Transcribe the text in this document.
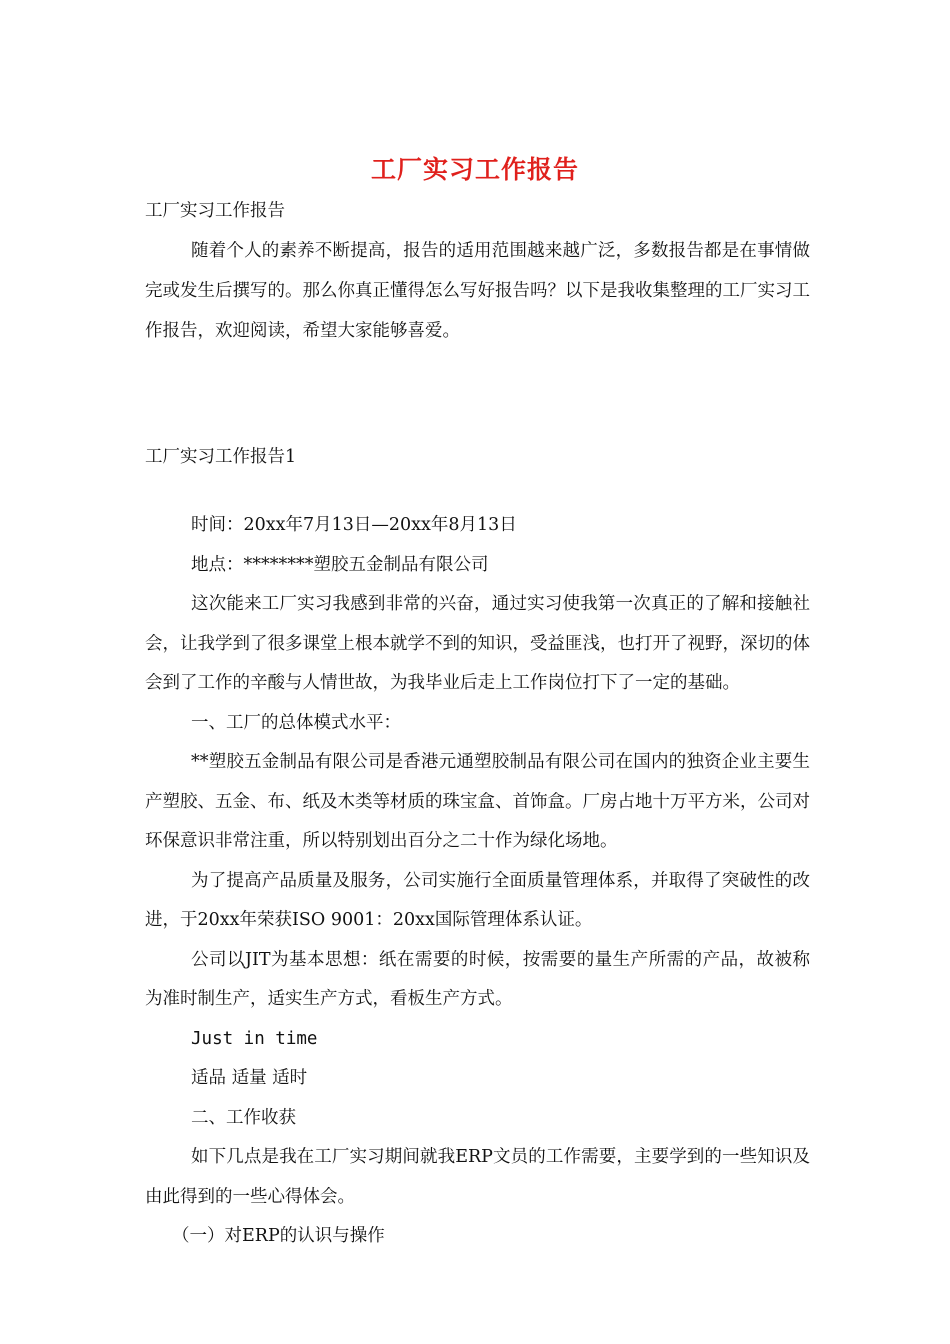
工厂实习工作报告

工厂实习工作报告

随着个人的素养不断提高，报告的适用范围越来越广泛，多数报告都是在事情做完或发生后撰写的。那么你真正懂得怎么写好报告吗？以下是我收集整理的工厂实习工作报告，欢迎阅读，希望大家能够喜爱。

工厂实习工作报告1

时间：20xx年7月13日—20xx年8月13日

地点：********塑胶五金制品有限公司

这次能来工厂实习我感到非常的兴奋，通过实习使我第一次真正的了解和接触社会，让我学到了很多课堂上根本就学不到的知识，受益匪浅，也打开了视野，深切的体会到了工作的辛酸与人情世故，为我毕业后走上工作岗位打下了一定的基础。

一、工厂的总体模式水平：

**塑胶五金制品有限公司是香港元通塑胶制品有限公司在国内的独资企业主要生产塑胶、五金、布、纸及木类等材质的珠宝盒、首饰盒。厂房占地十万平方米，公司对环保意识非常注重，所以特别划出百分之二十作为绿化场地。

为了提高产品质量及服务，公司实施行全面质量管理体系，并取得了突破性的改进，于20xx年荣获ISO 9001：20xx国际管理体系认证。

公司以JIT为基本思想：纸在需要的时候，按需要的量生产所需的产品，故被称为准时制生产，适实生产方式，看板生产方式。

Just in time

适品 适量 适时

二、工作收获

如下几点是我在工厂实习期间就我ERP文员的工作需要，主要学到的一些知识及由此得到的一些心得体会。

（一）对ERP的认识与操作
